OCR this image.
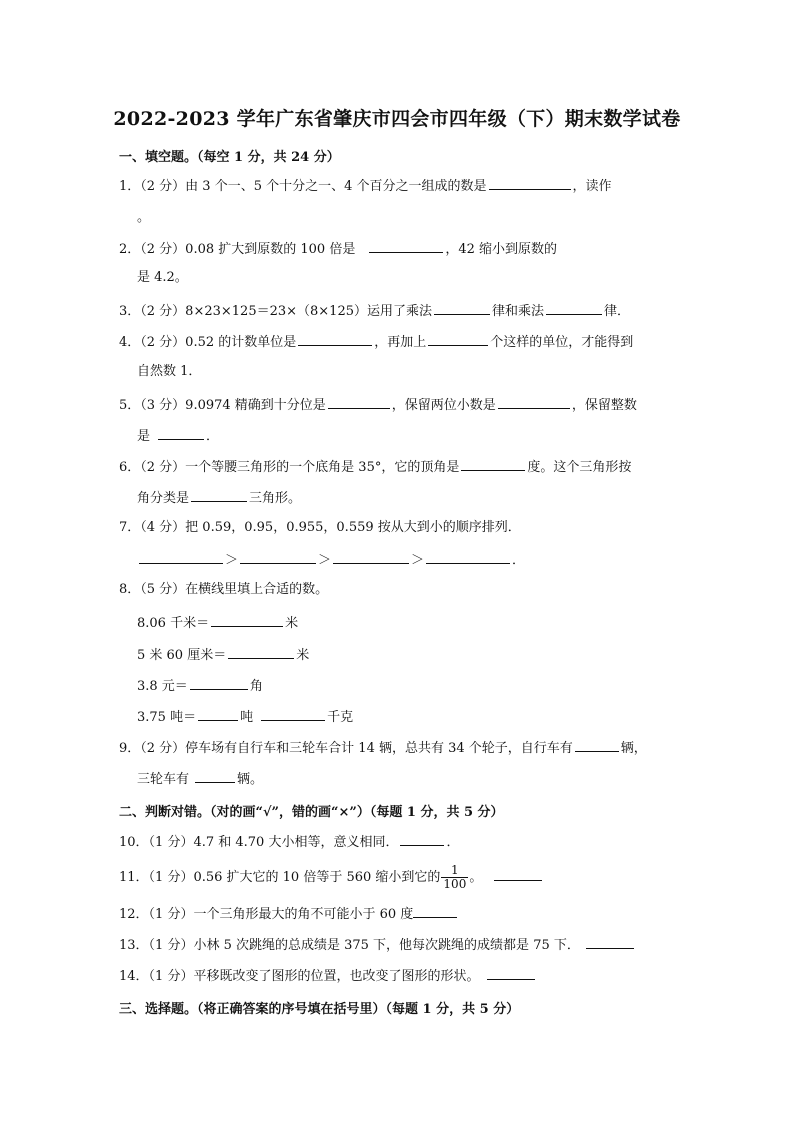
2022-2023 学年广东省肇庆市四会市四年级（下）期末数学试卷
一、填空题。（每空 1 分，共 24 分）
1．（2 分）由 3 个一、5 个十分之一、4 个百分之一组成的数是	，读作
。
2．（2 分）0.08 扩大到原数的 100 倍是	，42 缩小到原数的
是 4.2。
3．（2 分）8×23×125＝23×（8×125）运用了乘法	律和乘法	律．
4．（2 分）0.52 的计数单位是	，再加上	个这样的单位，才能得到
自然数 1．
5．（3 分）9.0974 精确到十分位是	，保留两位小数是	，保留整数
是	．
6．（2 分）一个等腰三角形的一个底角是 35°，它的顶角是	度。这个三角形按
角分类是	三角形。
7．（4 分）把 0.59，0.95，0.955，0.559 按从大到小的顺序排列．
＞	＞	＞	．
8．（5 分）在横线里填上合适的数。
8.06 千米＝	米
5 米 60 厘米＝	米
3.8 元＝	角
3.75 吨＝	吨	千克
9．（2 分）停车场有自行车和三轮车合计 14 辆，总共有 34 个轮子，自行车有	辆，
三轮车有	辆。
二、判断对错。（对的画“√”，错的画“×”）（每题 1 分，共 5 分）
10．（1 分）4.7 和 4.70 大小相等，意义相同．	．
11．（1 分）0.56 扩大它的 10 倍等于 560 缩小到它的 $\frac{1}{100}$ 。
12．（1 分）一个三角形最大的角不可能小于 60 度
13．（1 分）小林 5 次跳绳的总成绩是 375 下，他每次跳绳的成绩都是 75 下．
14．（1 分）平移既改变了图形的位置，也改变了图形的形状。
三、选择题。（将正确答案的序号填在括号里）（每题 1 分，共 5 分）
